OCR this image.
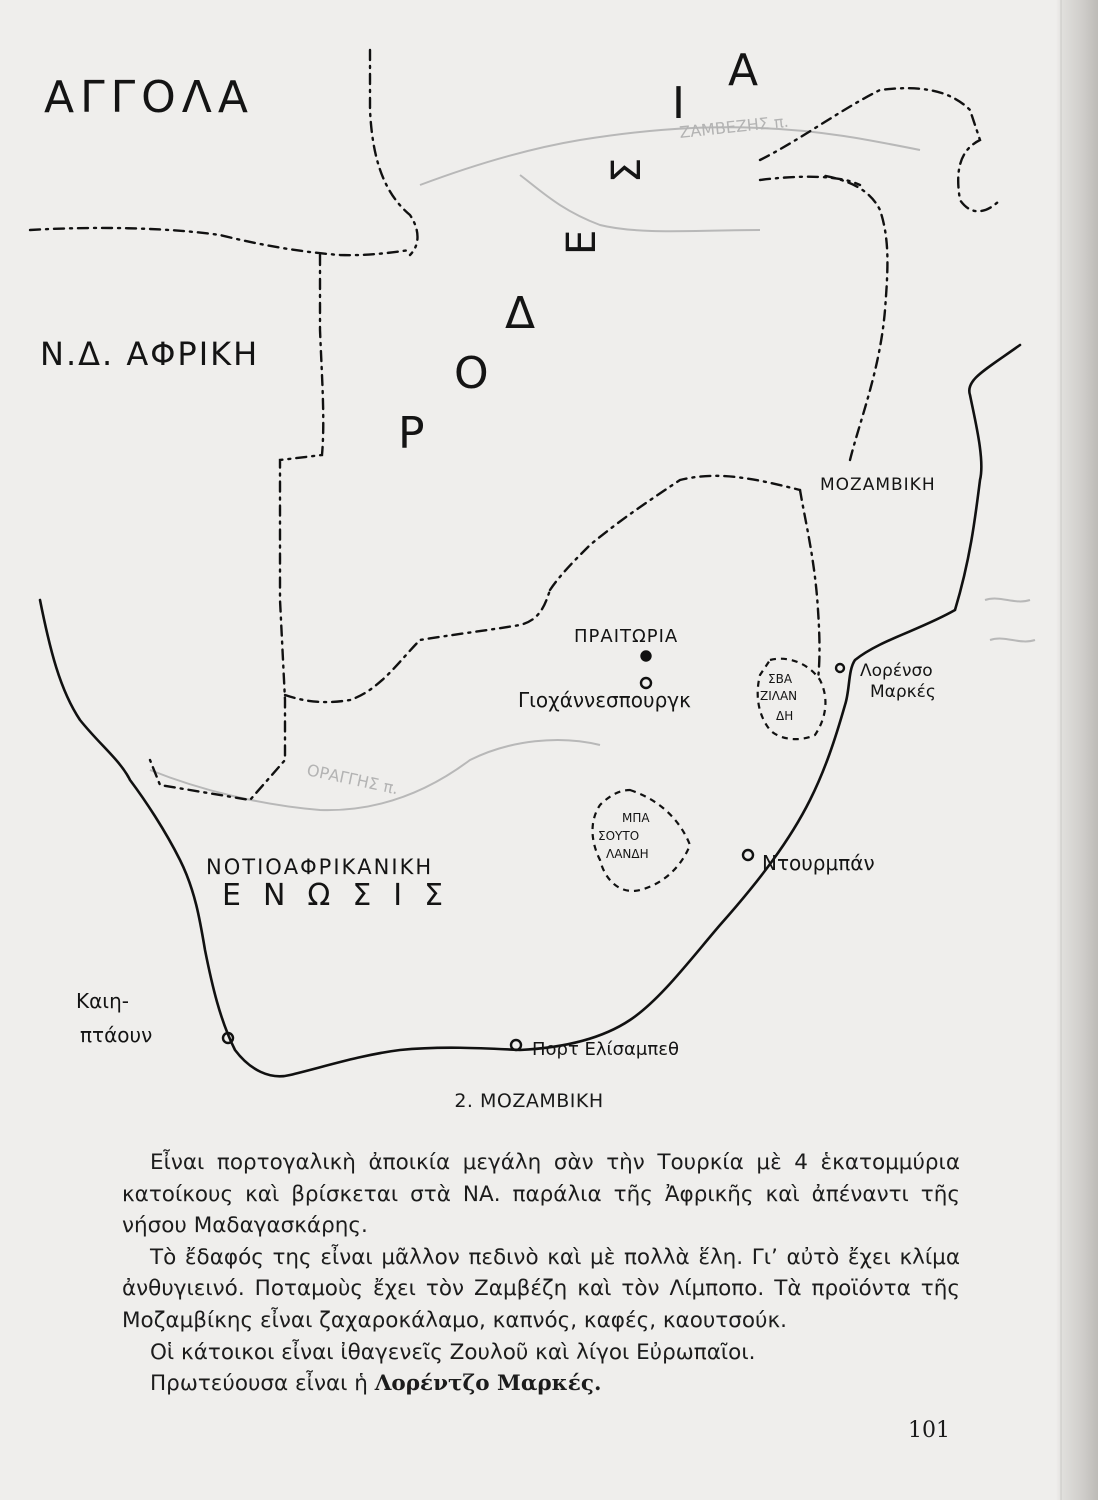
ΑΓΓΟΛΑ
Ν.Δ. ΑΦΡΙΚΗ
Ρ
Ο
Δ
Ε
Σ
Ι
Α
ΖΑΜΒΕΖΗΣ π.
ΜΟΖΑΜΒΙΚΗ
ΠΡΑΙΤΩΡΙΑ
Γιοχάννεσπουργκ
ΣΒΑ
ΖΙΛΑΝ
ΔΗ
Λορένσο
Μαρκές
ΟΡΑΓΓΗΣ π.
ΜΠΑ
ΣΟΥΤΟ
ΛΑΝΔΗ	Ντουρμπάν
ΝΟΤΙΟΑΦΡΙΚΑΝΙΚΗ
ΕΝΩΣΙΣ
Καιη-
πτάουν
Πορτ Ελίσαμπεθ
2. ΜΟΖΑΜΒΙΚΗ

Εἶναι πορτογαλικὴ ἀποικία μεγάλη σὰν τὴν Τουρκία μὲ 4 ἑκατομμύρια κατοίκους καὶ βρίσκεται στὰ ΝΑ. παράλια τῆς Ἀφρικῆς καὶ ἀπέναντι τῆς νήσου Μαδαγασκάρης.

Τὸ ἔδαφός της εἶναι μᾶλλον πεδινὸ καὶ μὲ πολλὰ ἕλη. Γι’ αὐτὸ ἔχει κλίμα ἀνθυγιεινό. Ποταμοὺς ἔχει τὸν Ζαμβέζη καὶ τὸν Λίμποπο. Τὰ προϊόντα τῆς Μοζαμβίκης εἶναι ζαχαροκάλαμο, καπνός, καφές, καουτσούκ.

Οἱ κάτοικοι εἶναι ἰθαγενεῖς Ζουλοῦ καὶ λίγοι Εὐρωπαῖοι.

Πρωτεύουσα εἶναι ἡ Λορέντζο Μαρκές.

101
